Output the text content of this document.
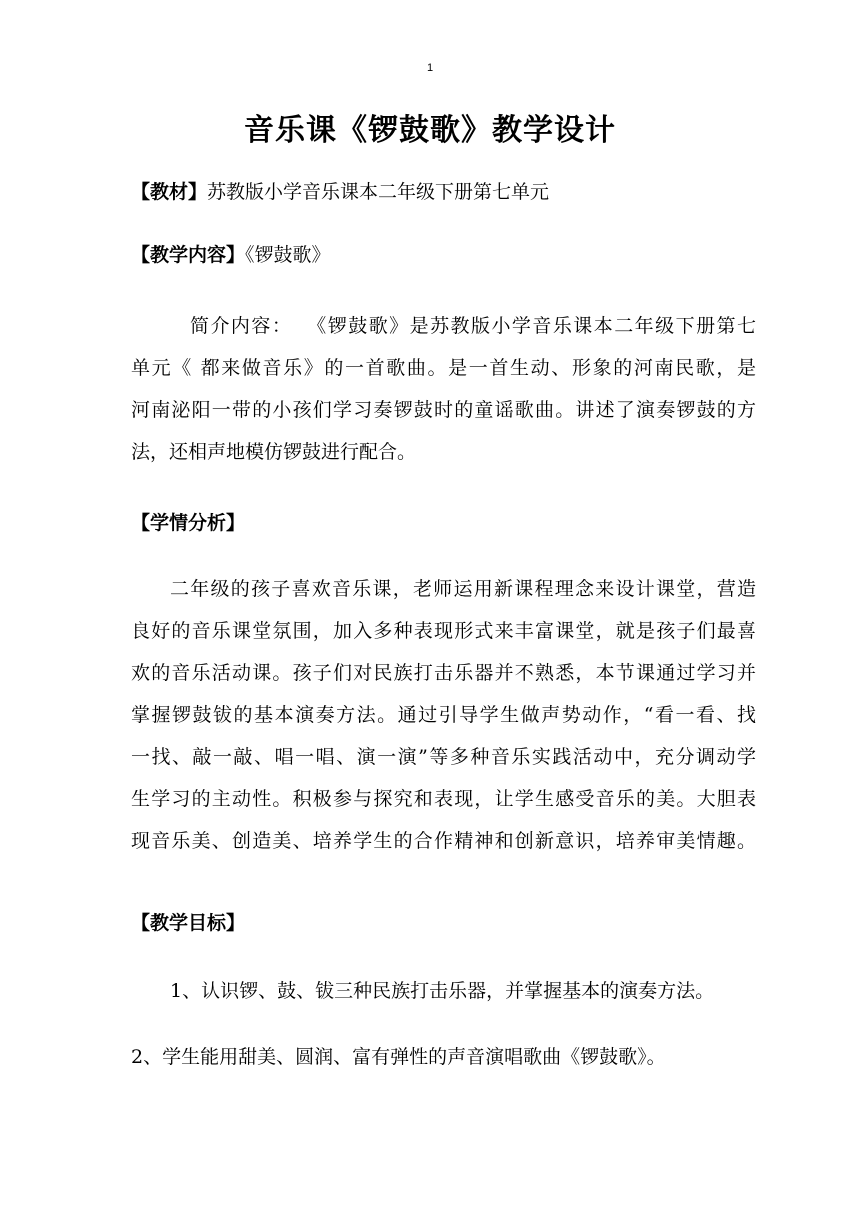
1
音乐课《锣鼓歌》教学设计
【教材】苏教版小学音乐课本二年级下册第七单元
【教学内容】《锣鼓歌》
简介内容：  《锣鼓歌》是苏教版小学音乐课本二年级下册第七
单元《 都来做音乐》的一首歌曲。是一首生动、形象的河南民歌，是
河南泌阳一带的小孩们学习奏锣鼓时的童谣歌曲。讲述了演奏锣鼓的方
法，还相声地模仿锣鼓进行配合。
【学情分析】
二年级的孩子喜欢音乐课，老师运用新课程理念来设计课堂，营造
良好的音乐课堂氛围，加入多种表现形式来丰富课堂，就是孩子们最喜
欢的音乐活动课。孩子们对民族打击乐器并不熟悉，本节课通过学习并
掌握锣鼓钹的基本演奏方法。通过引导学生做声势动作，“看一看、找
一找、敲一敲、唱一唱、演一演”等多种音乐实践活动中，充分调动学
生学习的主动性。积极参与探究和表现，让学生感受音乐的美。大胆表
现音乐美、创造美、培养学生的合作精神和创新意识，培养审美情趣。
【教学目标】
1、认识锣、鼓、钹三种民族打击乐器，并掌握基本的演奏方法。
2、学生能用甜美、圆润、富有弹性的声音演唱歌曲《锣鼓歌》。
